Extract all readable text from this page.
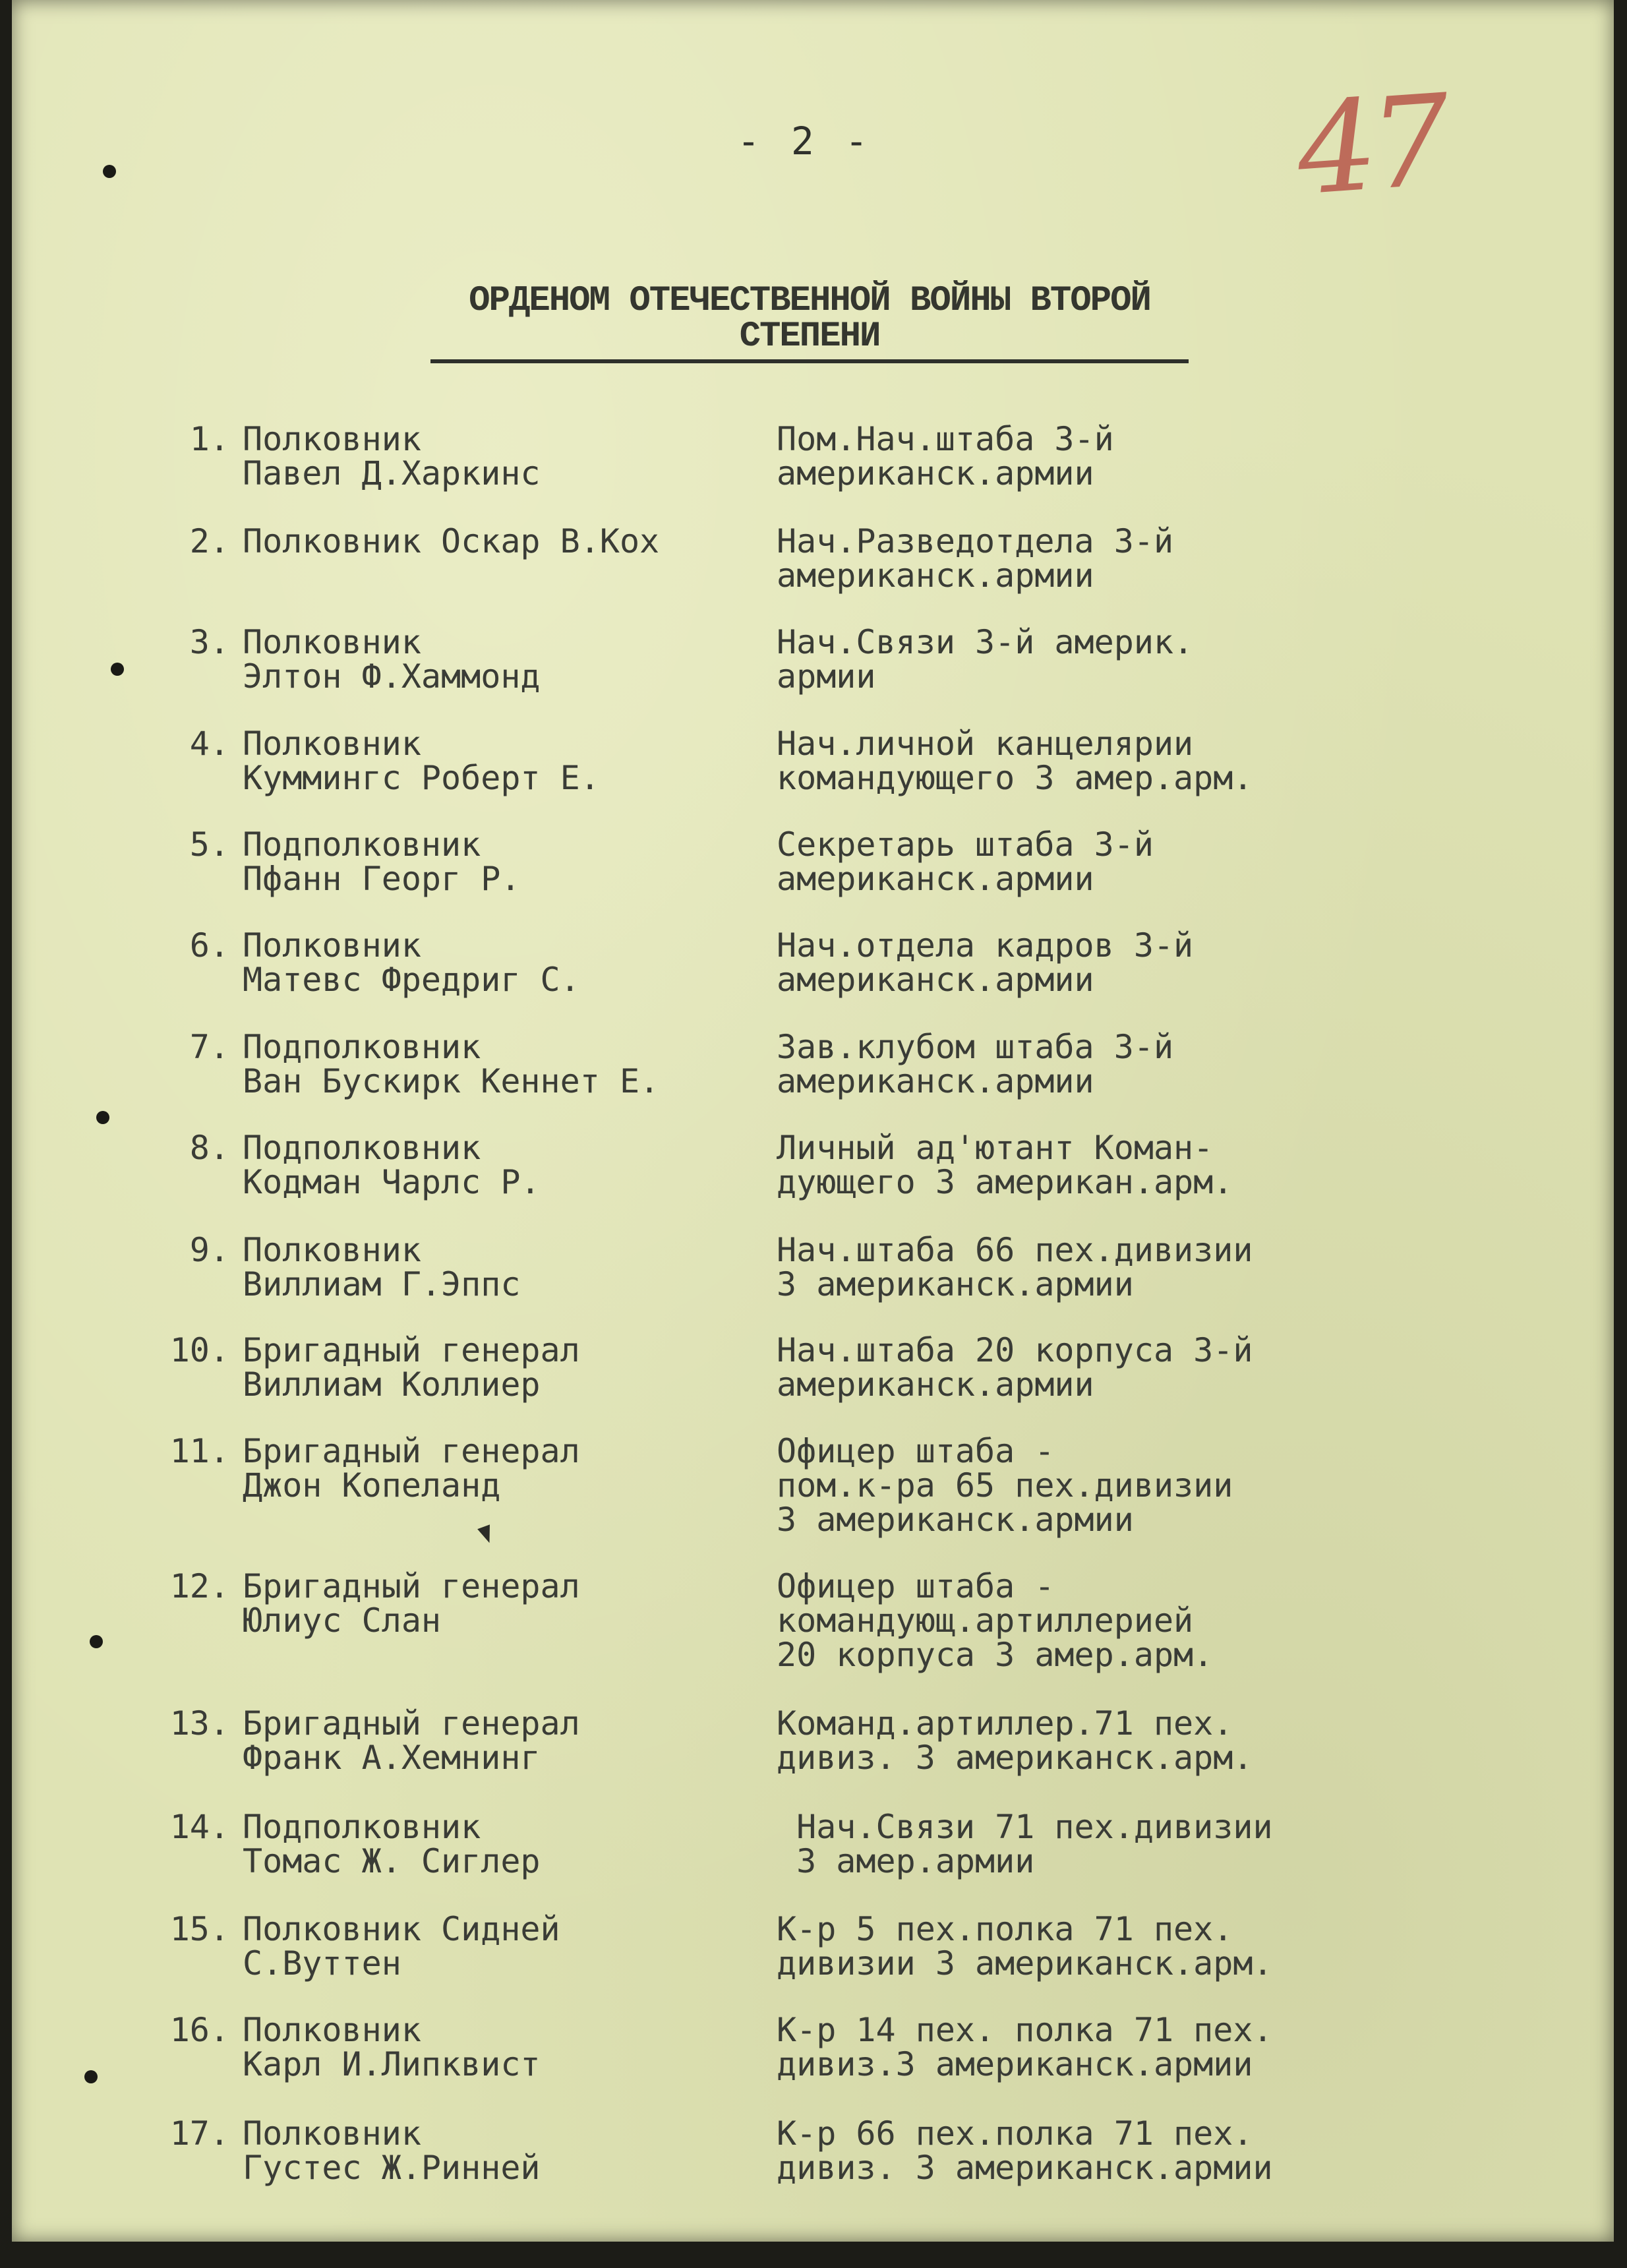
- 2 -	47
ОРДЕНОМ ОТЕЧЕСТВЕННОЙ ВОЙНЫ ВТОРОЙ
СТЕПЕНИ
1. Полковник
Павел Д.Харкинс
Пом.Нач.штаба 3-й
американск.армии
2. Полковник Оскар В.Кох	Нач.Разведотдела 3-й
американск.армии
3. Полковник
Элтон Ф.Хаммонд
Нач.Связи 3-й америк.
армии
4. Полковник
Куммингс Роберт Е.
Нач.личной канцелярии
командующего 3 амер.арм.
5. Подполковник
Пфанн Георг Р.
Секретарь штаба 3-й
американск.армии
6. Полковник
Матевс Фредриг С.
Нач.отдела кадров 3-й
американск.армии
7. Подполковник
Ван Бускирк Кеннет Е.
Зав.клубом штаба 3-й
американск.армии
8. Подполковник
Кодман Чарлс Р.
Личный ад'ютант Коман-
дующего 3 американ.арм.
9. Полковник
Виллиам Г.Эппс
Нач.штаба 66 пех.дивизии
3 американск.армии
10. Бригадный генерал
Виллиам Коллиер
Нач.штаба 20 корпуса 3-й
американск.армии
11. Бригадный генерал
Джон Копеланд
Офицер штаба -
пом.к-ра 65 пех.дивизии
3 американск.армии
12. Бригадный генерал
Юлиус Слан
Офицер штаба -
командующ.артиллерией
20 корпуса 3 амер.арм.
13. Бригадный генерал
Франк А.Хемнинг
Команд.артиллер.71 пех.
дивиз. 3 американск.арм.
14. Подполковник
Томас Ж. Сиглер
Нач.Связи 71 пех.дивизии
3 амер.армии
15. Полковник Сидней
С.Вуттен
К-р 5 пех.полка 71 пех.
дивизии 3 американск.арм.
16. Полковник
Карл И.Липквист
К-р 14 пех. полка 71 пех.
дивиз.3 американск.армии
17. Полковник
Густес Ж.Ринней
К-р 66 пех.полка 71 пех.
дивиз. 3 американск.армии
